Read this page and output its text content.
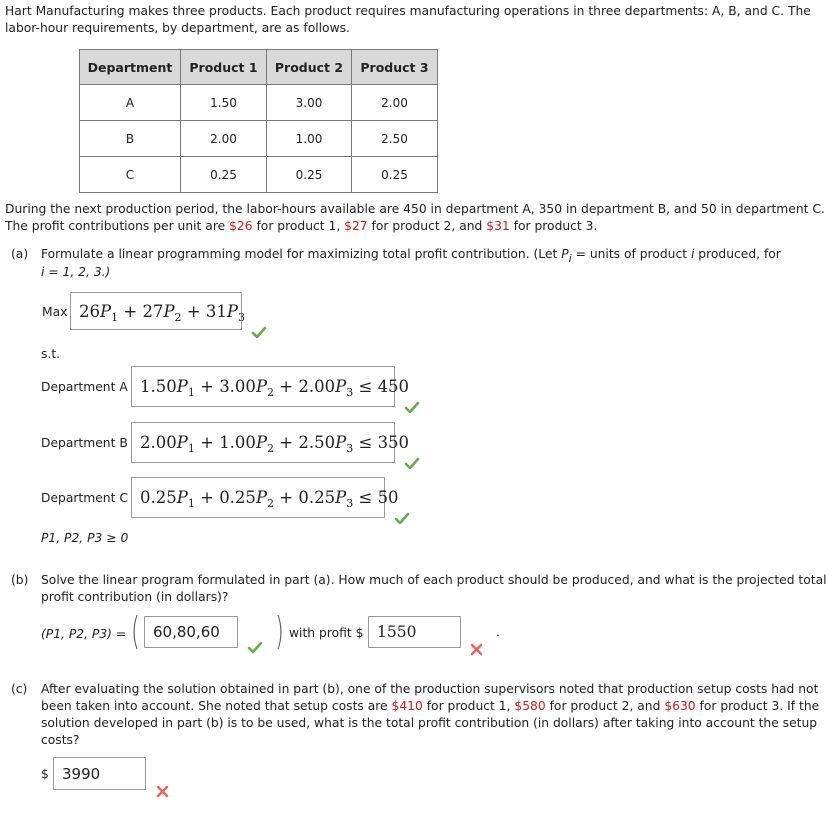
Hart Manufacturing makes three products. Each product requires manufacturing operations in three departments: A, B, and C. The
labor-hour requirements, by department, are as follows.
Department	Product 1	Product 2	Product 3
A	1.50	3.00	2.00
B	2.00	1.00	2.50
C	0.25	0.25	0.25
During the next production period, the labor-hours available are 450 in department A, 350 in department B, and 50 in department C.
The profit contributions per unit are $26 for product 1, $27 for product 2, and $31 for product 3.
(a) Formulate a linear programming model for maximizing total profit contribution. (Let $P_i$ = units of product i produced, for
i = 1, 2, 3.)
Max $26P_1 + 27P_2 + 31P_3$
s.t.
Department A $1.50P_1 + 3.00P_2 + 2.00P_3 \le 450$
Department B $2.00P_1 + 1.00P_2 + 2.50P_3 \le 350$
Department C $0.25P_1 + 0.25P_2 + 0.25P_3 \le 50$
P1, P2, P3 ≥ 0
(b) Solve the linear program formulated in part (a). How much of each product should be produced, and what is the projected total
profit contribution (in dollars)?
(P1, P2, P3) = ( 60,80,60 ) with profit $ 1550	.
(c) After evaluating the solution obtained in part (b), one of the production supervisors noted that production setup costs had not
been taken into account. She noted that setup costs are $410 for product 1, $580 for product 2, and $630 for product 3. If the
solution developed in part (b) is to be used, what is the total profit contribution (in dollars) after taking into account the setup
costs?
$ 3990
